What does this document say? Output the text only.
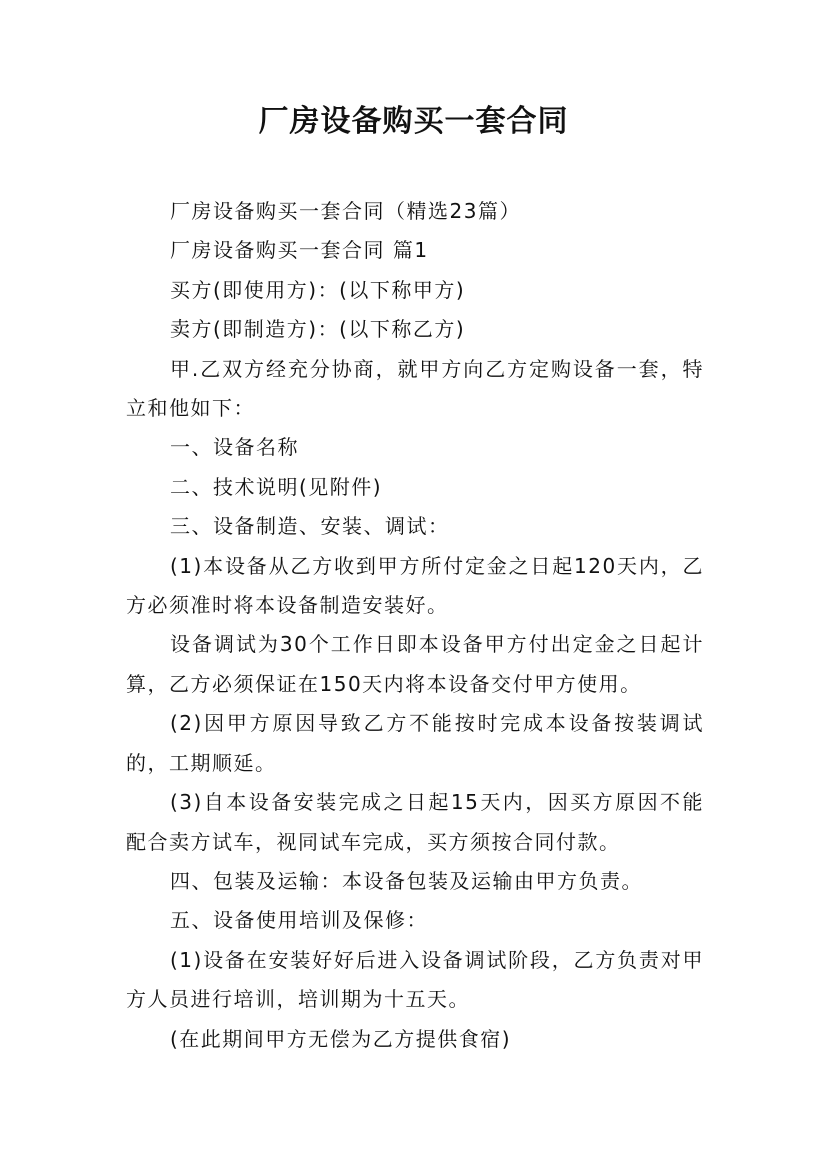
厂房设备购买一套合同

厂房设备购买一套合同（精选23篇）

厂房设备购买一套合同 篇1

买方(即使用方)：(以下称甲方)

卖方(即制造方)：(以下称乙方)

甲.乙双方经充分协商，就甲方向乙方定购设备一套，特立和他如下：

一、设备名称

二、技术说明(见附件)

三、设备制造、安装、调试：

(1)本设备从乙方收到甲方所付定金之日起120天内，乙方必须准时将本设备制造安装好。

设备调试为30个工作日即本设备甲方付出定金之日起计算，乙方必须保证在150天内将本设备交付甲方使用。

(2)因甲方原因导致乙方不能按时完成本设备按装调试的，工期顺延。

(3)自本设备安装完成之日起15天内，因买方原因不能配合卖方试车，视同试车完成，买方须按合同付款。

四、包装及运输：本设备包装及运输由甲方负责。

五、设备使用培训及保修：

(1)设备在安装好好后进入设备调试阶段，乙方负责对甲方人员进行培训，培训期为十五天。

(在此期间甲方无偿为乙方提供食宿)
